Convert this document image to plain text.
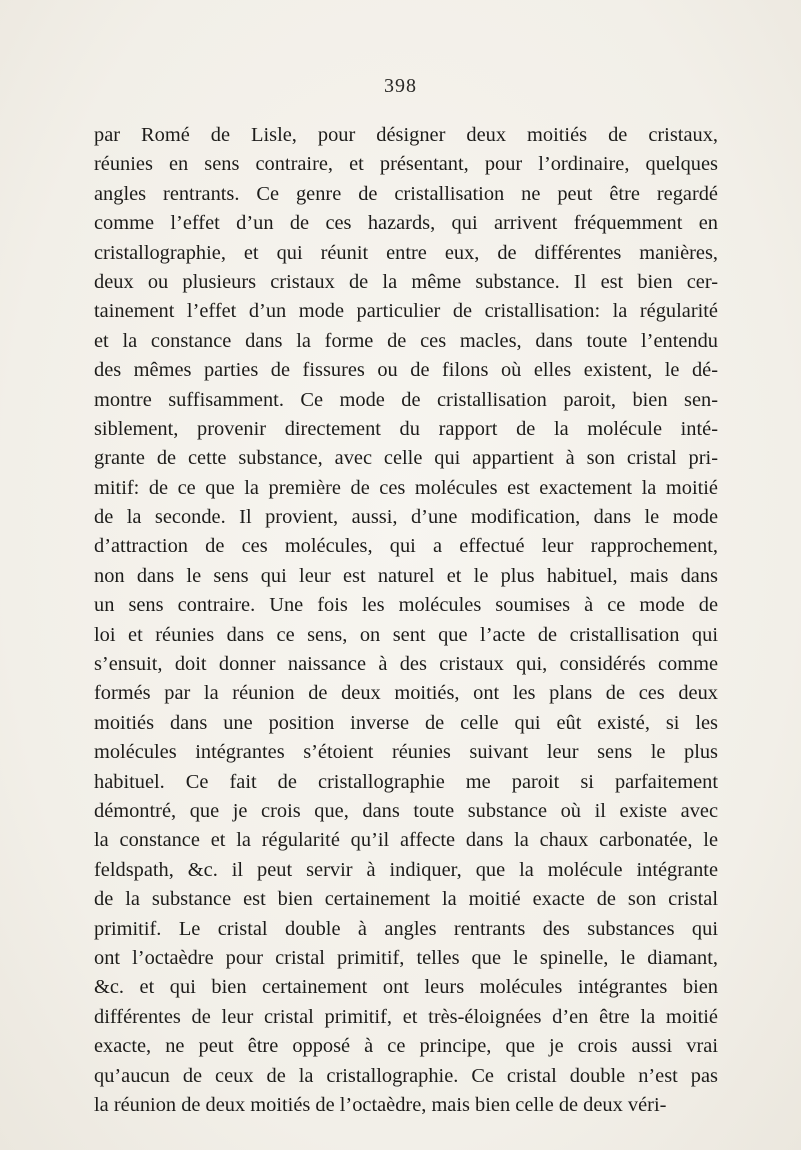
398
par Romé de Lisle, pour désigner deux moitiés de cristaux,
réunies en sens contraire, et présentant, pour l’ordinaire, quelques
angles rentrants. Ce genre de cristallisation ne peut être regardé
comme l’effet d’un de ces hazards, qui arrivent fréquemment en
cristallographie, et qui réunit entre eux, de différentes manières,
deux ou plusieurs cristaux de la même substance. Il est bien cer-
tainement l’effet d’un mode particulier de cristallisation: la régularité
et la constance dans la forme de ces macles, dans toute l’entendu
des mêmes parties de fissures ou de filons où elles existent, le dé-
montre suffisamment. Ce mode de cristallisation paroit, bien sen-
siblement, provenir directement du rapport de la molécule inté-
grante de cette substance, avec celle qui appartient à son cristal pri-
mitif: de ce que la première de ces molécules est exactement la moitié
de la seconde. Il provient, aussi, d’une modification, dans le mode
d’attraction de ces molécules, qui a effectué leur rapprochement,
non dans le sens qui leur est naturel et le plus habituel, mais dans
un sens contraire. Une fois les molécules soumises à ce mode de
loi et réunies dans ce sens, on sent que l’acte de cristallisation qui
s’ensuit, doit donner naissance à des cristaux qui, considérés comme
formés par la réunion de deux moitiés, ont les plans de ces deux
moitiés dans une position inverse de celle qui eût existé, si les
molécules intégrantes s’étoient réunies suivant leur sens le plus
habituel. Ce fait de cristallographie me paroit si parfaitement
démontré, que je crois que, dans toute substance où il existe avec
la constance et la régularité qu’il affecte dans la chaux carbonatée, le
feldspath, &c. il peut servir à indiquer, que la molécule intégrante
de la substance est bien certainement la moitié exacte de son cristal
primitif. Le cristal double à angles rentrants des substances qui
ont l’octaèdre pour cristal primitif, telles que le spinelle, le diamant,
&c. et qui bien certainement ont leurs molécules intégrantes bien
différentes de leur cristal primitif, et très-éloignées d’en être la moitié
exacte, ne peut être opposé à ce principe, que je crois aussi vrai
qu’aucun de ceux de la cristallographie. Ce cristal double n’est pas
la réunion de deux moitiés de l’octaèdre, mais bien celle de deux véri-
